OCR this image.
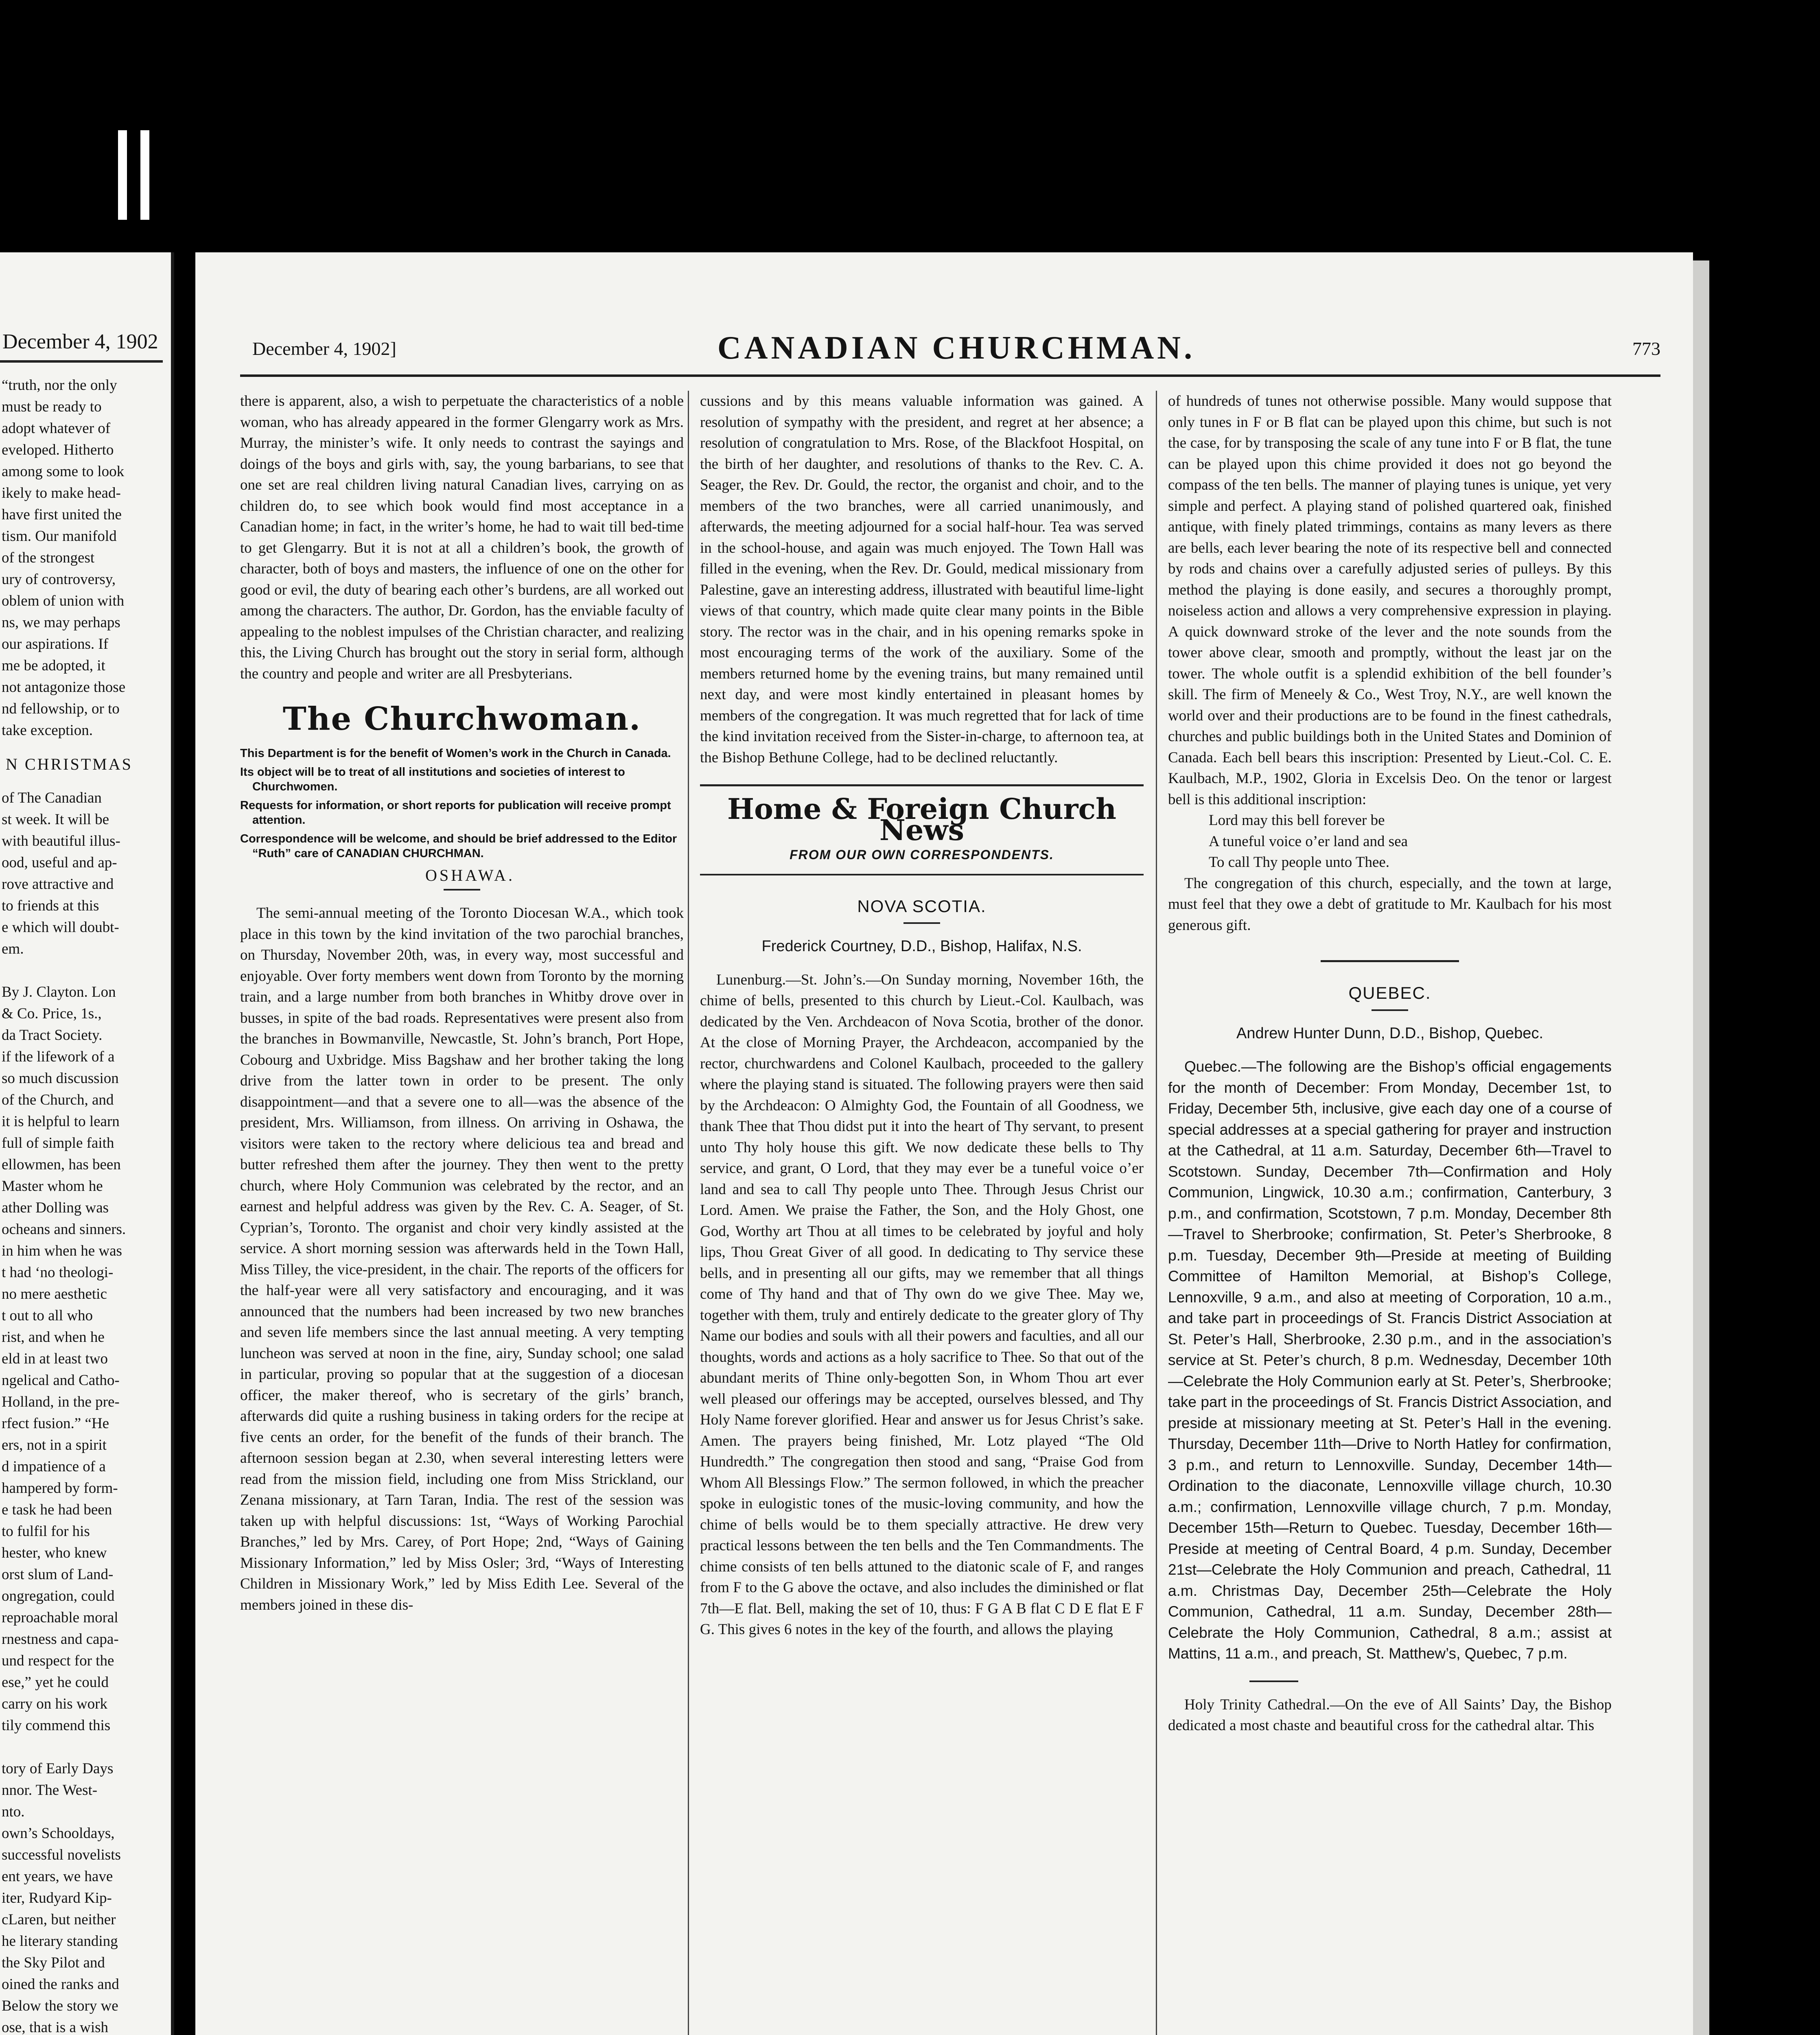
December 4, 1902

“truth, nor the only

must be ready to

adopt whatever of

eveloped. Hitherto

among some to look

ikely to make head-

have first united the

tism. Our manifold

of the strongest

ury of controversy,

oblem of union with

ns, we may perhaps

our aspirations. If

me be adopted, it

not antagonize those

nd fellowship, or to

take exception.

N CHRISTMAS

of The Canadian

st week. It will be

with beautiful illus-

ood, useful and ap-

rove attractive and

to friends at this

e which will doubt-

em.

By J. Clayton. Lon

& Co. Price, 1s.,

da Tract Society.

if the lifework of a

so much discussion

of the Church, and

it is helpful to learn

full of simple faith

ellowmen, has been

Master whom he

ather Dolling was

ocheans and sinners.

in him when he was

t had ‘no theologi-

no mere aesthetic

t out to all who

rist, and when he

eld in at least two

ngelical and Catho-

Holland, in the pre-

rfect fusion.” “He

ers, not in a spirit

d impatience of a

hampered by form-

e task he had been

to fulfil for his

hester, who knew

orst slum of Land-

ongregation, could

reproachable moral

rnestness and capa-

und respect for the

ese,” yet he could

carry on his work

tily commend this

tory of Early Days

nnor. The West-

nto.

own’s Schooldays,

successful novelists

ent years, we have

iter, Rudyard Kip-

cLaren, but neither

he literary standing

the Sky Pilot and

oined the ranks and

Below the story we

ose, that is a wish

December 4, 1902]	CANADIAN CHURCHMAN.	773

there is apparent, also, a wish to perpetuate the characteristics of a noble woman, who has already appeared in the former Glengarry work as Mrs. Murray, the minister’s wife. It only needs to contrast the sayings and doings of the boys and girls with, say, the young barbarians, to see that one set are real children living natural Canadian lives, carrying on as children do, to see which book would find most acceptance in a Canadian home; in fact, in the writer’s home, he had to wait till bed-time to get Glengarry. But it is not at all a children’s book, the growth of character, both of boys and masters, the influence of one on the other for good or evil, the duty of bearing each other’s burdens, are all worked out among the characters. The author, Dr. Gordon, has the enviable faculty of appealing to the noblest impulses of the Christian character, and realizing this, the Living Church has brought out the story in serial form, although the country and people and writer are all Presbyterians.

The Churchwoman.

This Department is for the benefit of Women’s work in the Church in Canada.

Its object will be to treat of all institutions and societies of interest to Churchwomen.

Requests for information, or short reports for publication will receive prompt attention.

Correspondence will be welcome, and should be brief addressed to the Editor “Ruth” care of CANADIAN CHURCHMAN.

OSHAWA.

The semi-annual meeting of the Toronto Diocesan W.A., which took place in this town by the kind invitation of the two parochial branches, on Thursday, November 20th, was, in every way, most successful and enjoyable. Over forty members went down from Toronto by the morning train, and a large number from both branches in Whitby drove over in busses, in spite of the bad roads. Representatives were present also from the branches in Bowmanville, Newcastle, St. John’s branch, Port Hope, Cobourg and Uxbridge. Miss Bagshaw and her brother taking the long drive from the latter town in order to be present. The only disappointment—and that a severe one to all—was the absence of the president, Mrs. Williamson, from illness. On arriving in Oshawa, the visitors were taken to the rectory where delicious tea and bread and butter refreshed them after the journey. They then went to the pretty church, where Holy Communion was celebrated by the rector, and an earnest and helpful address was given by the Rev. C. A. Seager, of St. Cyprian’s, Toronto. The organist and choir very kindly assisted at the service. A short morning session was afterwards held in the Town Hall, Miss Tilley, the vice-president, in the chair. The reports of the officers for the half-year were all very satisfactory and encouraging, and it was announced that the numbers had been increased by two new branches and seven life members since the last annual meeting. A very tempting luncheon was served at noon in the fine, airy, Sunday school; one salad in particular, proving so popular that at the suggestion of a diocesan officer, the maker thereof, who is secretary of the girls’ branch, afterwards did quite a rushing business in taking orders for the recipe at five cents an order, for the benefit of the funds of their branch. The afternoon session began at 2.30, when several interesting letters were read from the mission field, including one from Miss Strickland, our Zenana missionary, at Tarn Taran, India. The rest of the session was taken up with helpful discussions: 1st, “Ways of Working Parochial Branches,” led by Mrs. Carey, of Port Hope; 2nd, “Ways of Gaining Missionary Information,” led by Miss Osler; 3rd, “Ways of Interesting Children in Missionary Work,” led by Miss Edith Lee. Several of the members joined in these dis-

cussions and by this means valuable information was gained. A resolution of sympathy with the president, and regret at her absence; a resolution of congratulation to Mrs. Rose, of the Blackfoot Hospital, on the birth of her daughter, and resolutions of thanks to the Rev. C. A. Seager, the Rev. Dr. Gould, the rector, the organist and choir, and to the members of the two branches, were all carried unanimously, and afterwards, the meeting adjourned for a social half-hour. Tea was served in the school-house, and again was much enjoyed. The Town Hall was filled in the evening, when the Rev. Dr. Gould, medical missionary from Palestine, gave an interesting address, illustrated with beautiful lime-light views of that country, which made quite clear many points in the Bible story. The rector was in the chair, and in his opening remarks spoke in most encouraging terms of the work of the auxiliary. Some of the members returned home by the evening trains, but many remained until next day, and were most kindly entertained in pleasant homes by members of the congregation. It was much regretted that for lack of time the kind invitation received from the Sister-in-charge, to afternoon tea, at the Bishop Bethune College, had to be declined reluctantly.

Home & Foreign Church News
FROM OUR OWN CORRESPONDENTS.
NOVA SCOTIA.
Frederick Courtney, D.D., Bishop, Halifax, N.S.

Lunenburg.—St. John’s.—On Sunday morning, November 16th, the chime of bells, presented to this church by Lieut.-Col. Kaulbach, was dedicated by the Ven. Archdeacon of Nova Scotia, brother of the donor. At the close of Morning Prayer, the Archdeacon, accompanied by the rector, churchwardens and Colonel Kaulbach, proceeded to the gallery where the playing stand is situated. The following prayers were then said by the Archdeacon: O Almighty God, the Fountain of all Goodness, we thank Thee that Thou didst put it into the heart of Thy servant, to present unto Thy holy house this gift. We now dedicate these bells to Thy service, and grant, O Lord, that they may ever be a tuneful voice o’er land and sea to call Thy people unto Thee. Through Jesus Christ our Lord. Amen. We praise the Father, the Son, and the Holy Ghost, one God, Worthy art Thou at all times to be celebrated by joyful and holy lips, Thou Great Giver of all good. In dedicating to Thy service these bells, and in presenting all our gifts, may we remember that all things come of Thy hand and that of Thy own do we give Thee. May we, together with them, truly and entirely dedicate to the greater glory of Thy Name our bodies and souls with all their powers and faculties, and all our thoughts, words and actions as a holy sacrifice to Thee. So that out of the abundant merits of Thine only-begotten Son, in Whom Thou art ever well pleased our offerings may be accepted, ourselves blessed, and Thy Holy Name forever glorified. Hear and answer us for Jesus Christ’s sake. Amen. The prayers being finished, Mr. Lotz played “The Old Hundredth.” The congregation then stood and sang, “Praise God from Whom All Blessings Flow.” The sermon followed, in which the preacher spoke in eulogistic tones of the music-loving community, and how the chime of bells would be to them specially attractive. He drew very practical lessons between the ten bells and the Ten Commandments. The chime consists of ten bells attuned to the diatonic scale of F, and ranges from F to the G above the octave, and also includes the diminished or flat 7th—E flat. Bell, making the set of 10, thus: F G A B flat C D E flat E F G. This gives 6 notes in the key of the fourth, and allows the playing

of hundreds of tunes not otherwise possible. Many would suppose that only tunes in F or B flat can be played upon this chime, but such is not the case, for by transposing the scale of any tune into F or B flat, the tune can be played upon this chime provided it does not go beyond the compass of the ten bells. The manner of playing tunes is unique, yet very simple and perfect. A playing stand of polished quartered oak, finished antique, with finely plated trimmings, contains as many levers as there are bells, each lever bearing the note of its respective bell and connected by rods and chains over a carefully adjusted series of pulleys. By this method the playing is done easily, and secures a thoroughly prompt, noiseless action and allows a very comprehensive expression in playing. A quick downward stroke of the lever and the note sounds from the tower above clear, smooth and promptly, without the least jar on the tower. The whole outfit is a splendid exhibition of the bell founder’s skill. The firm of Meneely & Co., West Troy, N.Y., are well known the world over and their productions are to be found in the finest cathedrals, churches and public buildings both in the United States and Dominion of Canada. Each bell bears this inscription: Presented by Lieut.-Col. C. E. Kaulbach, M.P., 1902, Gloria in Excelsis Deo. On the tenor or largest bell is this additional inscription:

Lord may this bell forever be

A tuneful voice o’er land and sea

To call Thy people unto Thee.

The congregation of this church, especially, and the town at large, must feel that they owe a debt of gratitude to Mr. Kaulbach for his most generous gift.

QUEBEC.
Andrew Hunter Dunn, D.D., Bishop, Quebec.

Quebec.—The following are the Bishop’s official engagements for the month of December: From Monday, December 1st, to Friday, December 5th, inclusive, give each day one of a course of special addresses at a special gathering for prayer and instruction at the Cathedral, at 11 a.m. Saturday, December 6th—Travel to Scotstown. Sunday, December 7th—Confirmation and Holy Communion, Lingwick, 10.30 a.m.; confirmation, Canterbury, 3 p.m., and confirmation, Scotstown, 7 p.m. Monday, December 8th—Travel to Sherbrooke; confirmation, St. Peter’s Sherbrooke, 8 p.m. Tuesday, December 9th—Preside at meeting of Building Committee of Hamilton Memorial, at Bishop’s College, Lennoxville, 9 a.m., and also at meeting of Corporation, 10 a.m., and take part in proceedings of St. Francis District Association at St. Peter’s Hall, Sherbrooke, 2.30 p.m., and in the association’s service at St. Peter’s church, 8 p.m. Wednesday, December 10th—Celebrate the Holy Communion early at St. Peter’s, Sherbrooke; take part in the proceedings of St. Francis District Association, and preside at missionary meeting at St. Peter’s Hall in the evening. Thursday, December 11th—Drive to North Hatley for confirmation, 3 p.m., and return to Lennoxville. Sunday, December 14th—Ordination to the diaconate, Lennoxville village church, 10.30 a.m.; confirmation, Lennoxville village church, 7 p.m. Monday, December 15th—Return to Quebec. Tuesday, December 16th—Preside at meeting of Central Board, 4 p.m. Sunday, December 21st—Celebrate the Holy Communion and preach, Cathedral, 11 a.m. Christmas Day, December 25th—Celebrate the Holy Communion, Cathedral, 11 a.m. Sunday, December 28th—Celebrate the Holy Communion, Cathedral, 8 a.m.; assist at Mattins, 11 a.m., and preach, St. Matthew’s, Quebec, 7 p.m.

Holy Trinity Cathedral.—On the eve of All Saints’ Day, the Bishop dedicated a most chaste and beautiful cross for the cathedral altar. This
